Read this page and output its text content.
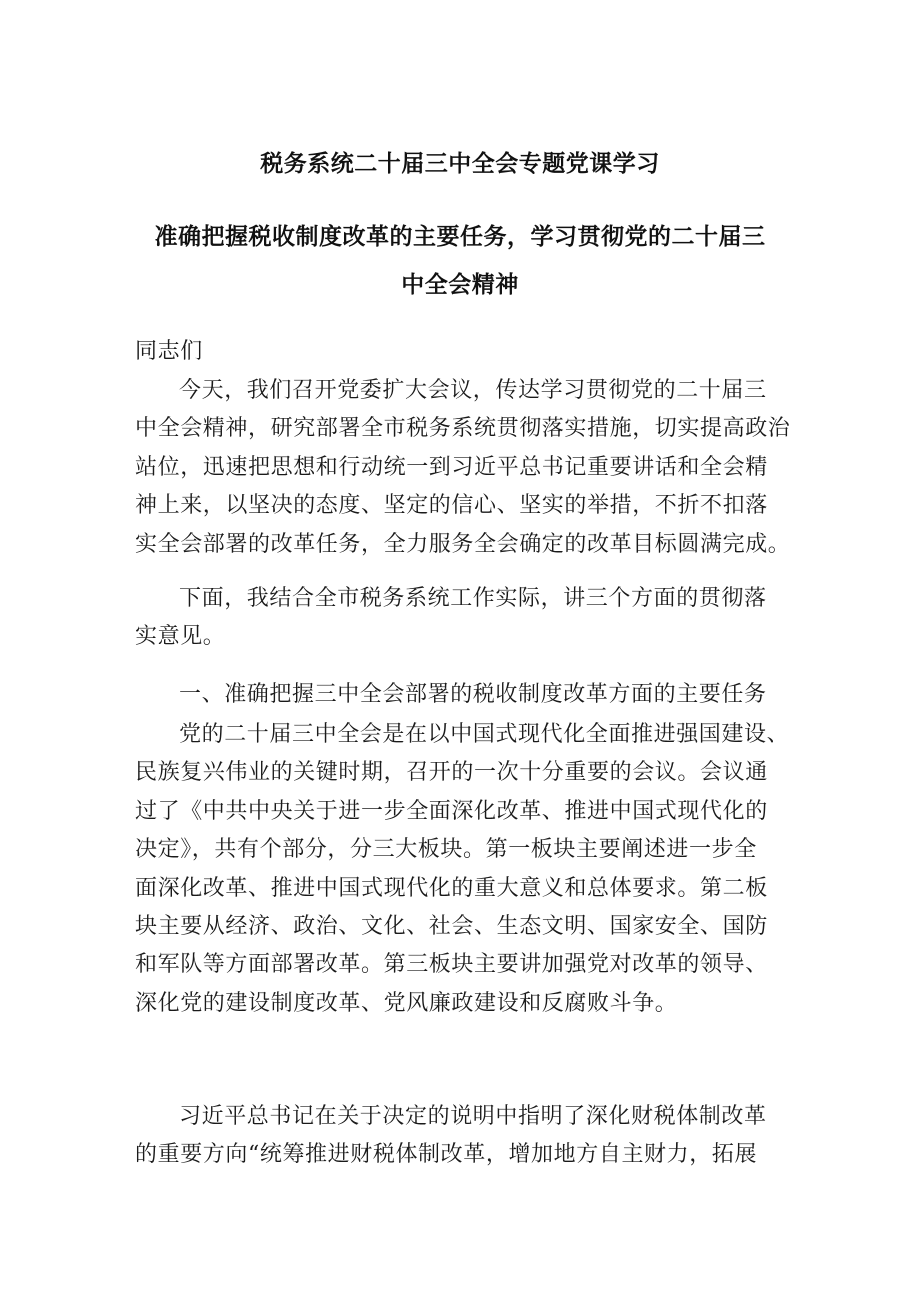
税务系统二十届三中全会专题党课学习
准确把握税收制度改革的主要任务，学习贯彻党的二十届三
中全会精神
同志们
今天，我们召开党委扩大会议，传达学习贯彻党的二十届三
中全会精神，研究部署全市税务系统贯彻落实措施，切实提高政治
站位，迅速把思想和行动统一到习近平总书记重要讲话和全会精
神上来，以坚决的态度、坚定的信心、坚实的举措，不折不扣落
实全会部署的改革任务，全力服务全会确定的改革目标圆满完成。
下面，我结合全市税务系统工作实际，讲三个方面的贯彻落
实意见。
一、准确把握三中全会部署的税收制度改革方面的主要任务
党的二十届三中全会是在以中国式现代化全面推进强国建设、
民族复兴伟业的关键时期，召开的一次十分重要的会议。会议通
过了《中共中央关于进一步全面深化改革、推进中国式现代化的
决定》，共有个部分，分三大板块。第一板块主要阐述进一步全
面深化改革、推进中国式现代化的重大意义和总体要求。第二板
块主要从经济、政治、文化、社会、生态文明、国家安全、国防
和军队等方面部署改革。第三板块主要讲加强党对改革的领导、
深化党的建设制度改革、党风廉政建设和反腐败斗争。
习近平总书记在关于决定的说明中指明了深化财税体制改革
的重要方向“统筹推进财税体制改革，增加地方自主财力，拓展
